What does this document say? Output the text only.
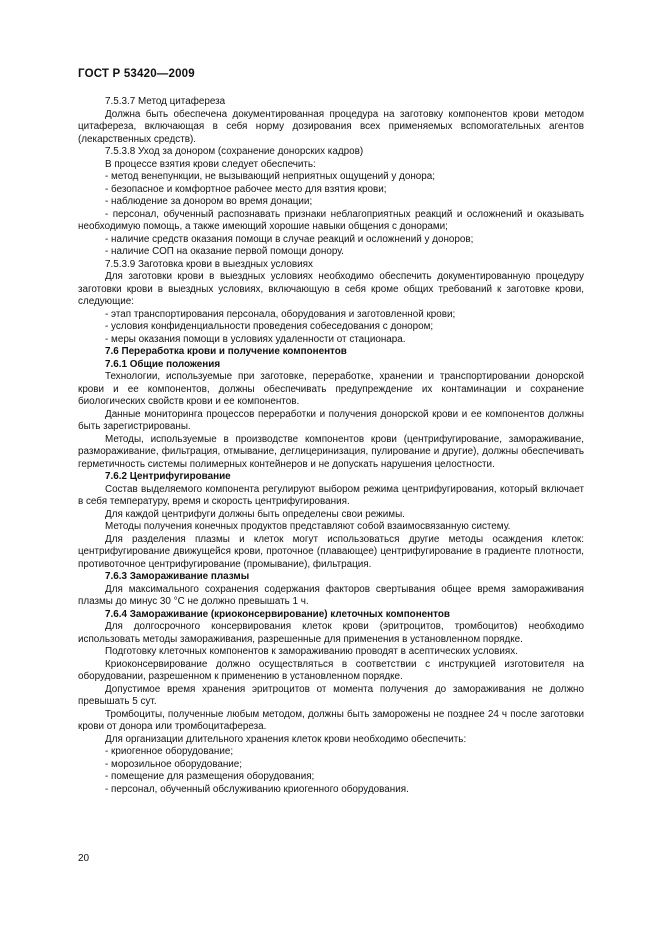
ГОСТ Р 53420—2009

7.5.3.7 Метод цитафереза

Должна быть обеспечена документированная процедура на заготовку компонентов крови методом цитафереза, включающая в себя норму дозирования всех применяемых вспомогательных агентов (лекарственных средств).

7.5.3.8 Уход за донором (сохранение донорских кадров)

В процессе взятия крови следует обеспечить:

- метод венепункции, не вызывающий неприятных ощущений у донора;

- безопасное и комфортное рабочее место для взятия крови;

- наблюдение за донором во время донации;

- персонал, обученный распознавать признаки неблагоприятных реакций и осложнений и оказывать необходимую помощь, а также имеющий хорошие навыки общения с донорами;

- наличие средств оказания помощи в случае реакций и осложнений у доноров;

- наличие СОП на оказание первой помощи донору.

7.5.3.9 Заготовка крови в выездных условиях

Для заготовки крови в выездных условиях необходимо обеспечить документированную процедуру заготовки крови в выездных условиях, включающую в себя кроме общих требований к заготовке крови, следующие:

- этап транспортирования персонала, оборудования и заготовленной крови;

- условия конфиденциальности проведения собеседования с донором;

- меры оказания помощи в условиях удаленности от стационара.

7.6 Переработка крови и получение компонентов

7.6.1 Общие положения

Технологии, используемые при заготовке, переработке, хранении и транспортировании донорской крови и ее компонентов, должны обеспечивать предупреждение их контаминации и сохранение биологических свойств крови и ее компонентов.

Данные мониторинга процессов переработки и получения донорской крови и ее компонентов должны быть зарегистрированы.

Методы, используемые в производстве компонентов крови (центрифугирование, замораживание, размораживание, фильтрация, отмывание, деглицеринизация, пулирование и другие), должны обеспечивать герметичность системы полимерных контейнеров и не допускать нарушения целостности.

7.6.2 Центрифугирование

Состав выделяемого компонента регулируют выбором режима центрифугирования, который включает в себя температуру, время и скорость центрифугирования.

Для каждой центрифуги должны быть определены свои режимы.

Методы получения конечных продуктов представляют собой взаимосвязанную систему.

Для разделения плазмы и клеток могут использоваться другие методы осаждения клеток: центрифугирование движущейся крови, проточное (плавающее) центрифугирование в градиенте плотности, противоточное центрифугирование (промывание), фильтрация.

7.6.3 Замораживание плазмы

Для максимального сохранения содержания факторов свертывания общее время замораживания плазмы до минус 30 °С не должно превышать 1 ч.

7.6.4 Замораживание (криоконсервирование) клеточных компонентов

Для долгосрочного консервирования клеток крови (эритроцитов, тромбоцитов) необходимо использовать методы замораживания, разрешенные для применения в установленном порядке.

Подготовку клеточных компонентов к замораживанию проводят в асептических условиях.

Криоконсервирование должно осуществляться в соответствии с инструкцией изготовителя на оборудовании, разрешенном к применению в установленном порядке.

Допустимое время хранения эритроцитов от момента получения до замораживания не должно превышать 5 сут.

Тромбоциты, полученные любым методом, должны быть заморожены не позднее 24 ч после заготовки крови от донора или тромбоцитафереза.

Для организации длительного хранения клеток крови необходимо обеспечить:

- криогенное оборудование;

- морозильное оборудование;

- помещение для размещения оборудования;

- персонал, обученный обслуживанию криогенного оборудования.

20
